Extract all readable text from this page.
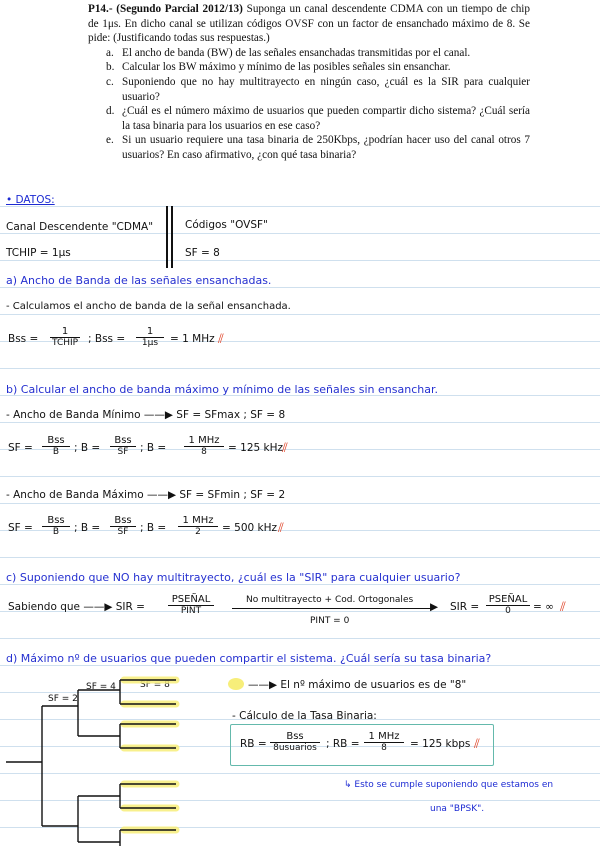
P14.- (Segundo Parcial 2012/13) Suponga un canal descendente CDMA con un tiempo de chip de 1μs. En dicho canal se utilizan códigos OVSF con un factor de ensanchado máximo de 8. Se pide: (Justificando todas sus respuestas.)
a. El ancho de banda (BW) de las señales ensanchadas transmitidas por el canal.
b. Calcular los BW máximo y mínimo de las posibles señales sin ensanchar.
c. Suponiendo que no hay multitrayecto en ningún caso, ¿cuál es la SIR para cualquier usuario?
d. ¿Cuál es el número máximo de usuarios que pueden compartir dicho sistema? ¿Cuál sería la tasa binaria para los usuarios en ese caso?
e. Si un usuario requiere una tasa binaria de 250Kbps, ¿podrían hacer uso del canal otros 7 usuarios? En caso afirmativo, ¿con qué tasa binaria?
• DATOS:
Canal Descendente "CDMA"
TCHIP = 1μs
Códigos "OVSF"
SF = 8
a) Ancho de Banda de las señales ensanchadas.
- Calculamos el ancho de banda de la señal ensanchada.
Bss =
1
TCHIP ; Bss = $\frac{1}{1\mu s} = 1$ MHz ⫽
b) Calcular el ancho de banda máximo y mínimo de las señales sin ensanchar.
- Ancho de Banda Mínimo ——▶ SF = SFmax ; SF = 8
SF =
Bss
B	; B =
Bss
SF	; B =
1 MHz
8	= 125 kHz
⫽
- Ancho de Banda Máximo ——▶ SF = SFmin ; SF = 2
SF =
Bss
B	; B =
Bss
SF	; B =
1 MHz
2	= 500 kHz ⫽
c) Suponiendo que NO hay multitrayecto, ¿cuál es la "SIR" para cualquier usuario?
Sabiendo que ——▶ SIR =
PSEÑAL
PINT
No multitrayecto + Cod. Ortogonales
▶
PINT = 0
SIR =
PSEÑAL
0	= ∞ ⫽
d) Máximo nº de usuarios que pueden compartir el sistema. ¿Cuál sería su tasa binaria?
SF = 2
SF = 4	SF = 8	——▶ El nº máximo de usuarios es de "8"
- Cálculo de la Tasa Binaria:
RB =
Bss
8usuarios ; RB =
1 MHz
8	= 125 kbps ⫽
↳ Esto se cumple suponiendo que estamos en
una "BPSK".
